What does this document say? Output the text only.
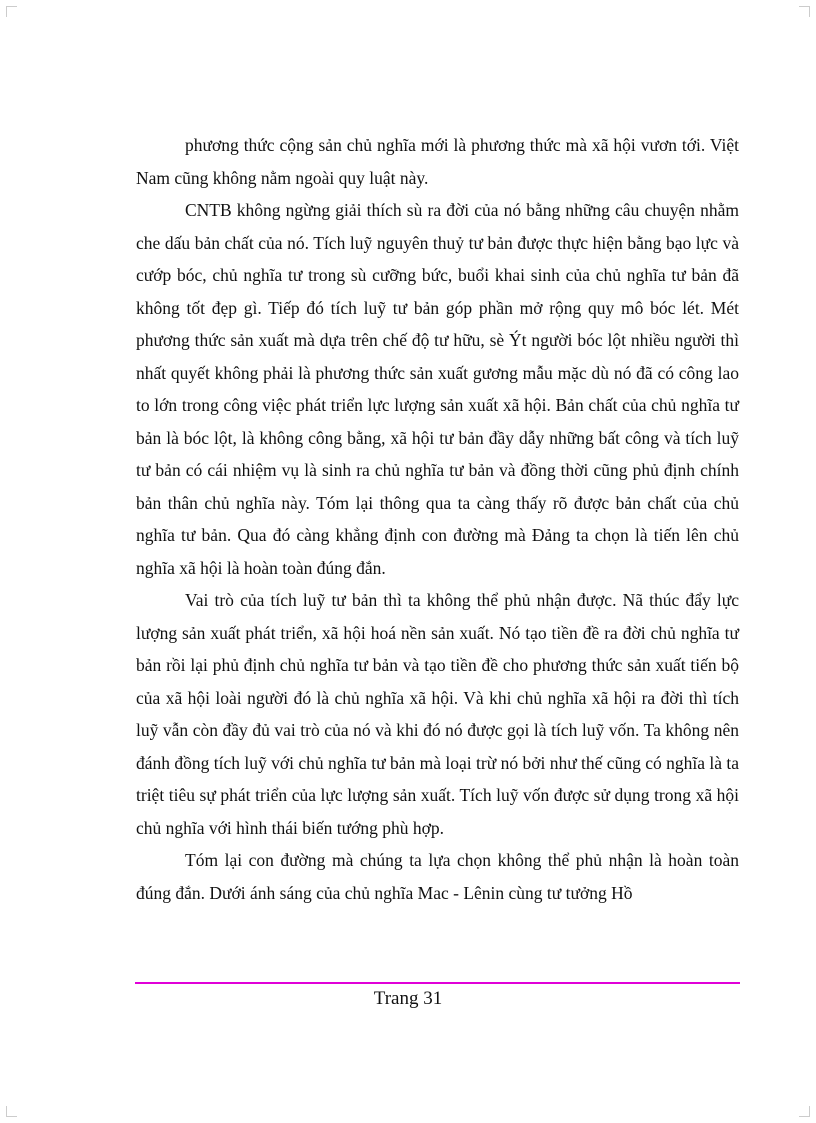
phương thức cộng sản chủ nghĩa mới là phương thức mà xã hội vươn tới. Việt Nam cũng không nằm ngoài quy luật này.

CNTB không ngừng giải thích sù ra đời của nó bằng những câu chuyện nhằm che dấu bản chất của nó. Tích luỹ nguyên thuỷ tư bản được thực hiện bằng bạo lực và cướp bóc, chủ nghĩa tư trong sù cưỡng bức, buổi khai sinh của chủ nghĩa tư bản đã không tốt đẹp gì. Tiếp đó tích luỹ tư bản góp phần mở rộng quy mô bóc lét. Mét phương thức sản xuất mà dựa trên chế độ tư hữu, sè Ýt người bóc lột nhiều người thì nhất quyết không phải là phương thức sản xuất gương mẫu mặc dù nó đã có công lao to lớn trong công việc phát triển lực lượng sản xuất xã hội. Bản chất của chủ nghĩa tư bản là bóc lột, là không công bằng, xã hội tư bản đầy dẫy những bất công và tích luỹ tư bản có cái nhiệm vụ là sinh ra chủ nghĩa tư bản và đồng thời cũng phủ định chính bản thân chủ nghĩa này. Tóm lại thông qua ta càng thấy rõ được bản chất của chủ nghĩa tư bản. Qua đó càng khẳng định con đường mà Đảng ta chọn là tiến lên chủ nghĩa xã hội là hoàn toàn đúng đắn.

Vai trò của tích luỹ tư bản thì ta không thể phủ nhận được. Nã thúc đẩy lực lượng sản xuất phát triển, xã hội hoá nền sản xuất. Nó tạo tiền đề ra đời chủ nghĩa tư bản rồi lại phủ định chủ nghĩa tư bản và tạo tiền đề cho phương thức sản xuất tiến bộ của xã hội loài người đó là chủ nghĩa xã hội. Và khi chủ nghĩa xã hội ra đời thì tích luỹ vẫn còn đầy đủ vai trò của nó và khi đó nó được gọi là tích luỹ vốn. Ta không nên đánh đồng tích luỹ với chủ nghĩa tư bản mà loại trừ nó bởi như thế cũng có nghĩa là ta triệt tiêu sự phát triển của lực lượng sản xuất. Tích luỹ vốn được sử dụng trong xã hội chủ nghĩa với hình thái biến tướng phù hợp.

Tóm lại con đường mà chúng ta lựa chọn không thể phủ nhận là hoàn toàn đúng đắn. Dưới ánh sáng của chủ nghĩa Mac - Lênin cùng tư tưởng Hồ

Trang 31
